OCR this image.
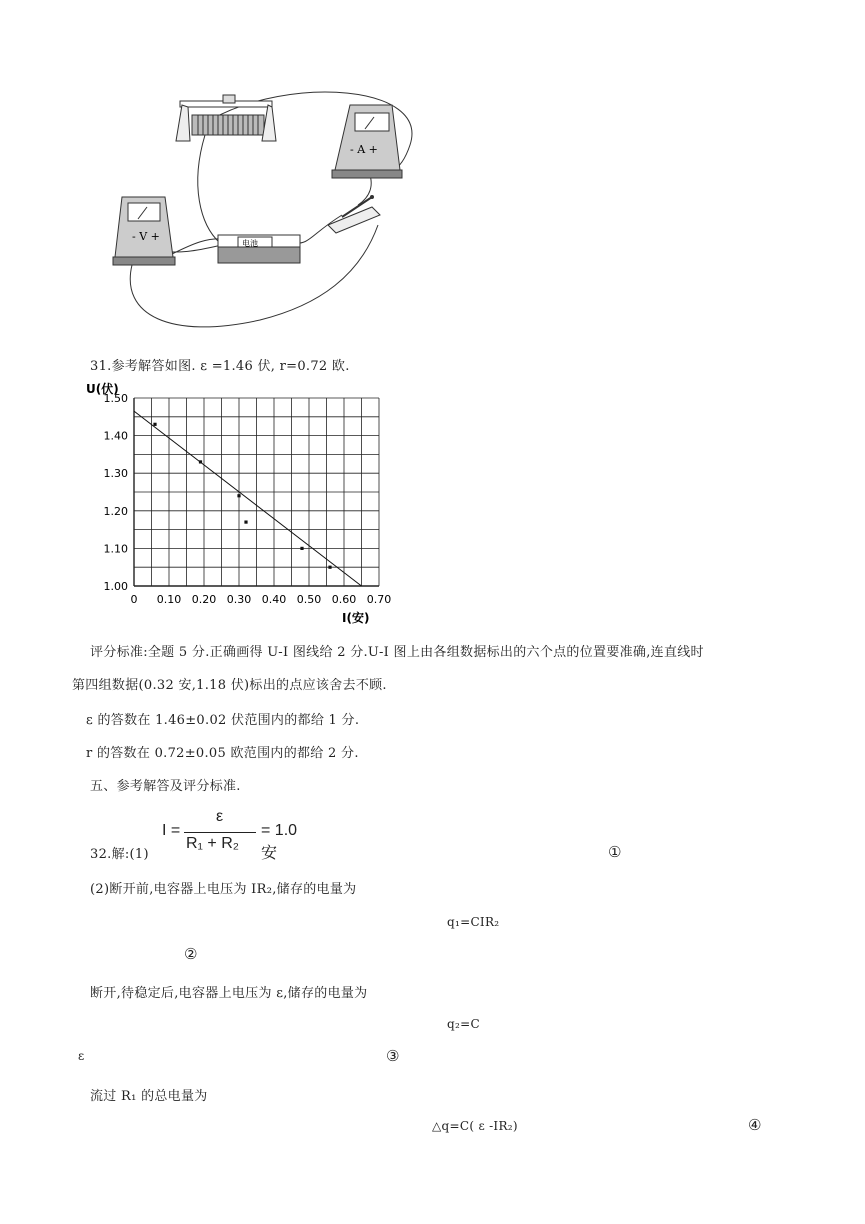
- A +
- V +
电池
31.参考解答如图. ε =1.46 伏, r=0.72 欧.
1.00
1.10
1.20
1.30
1.40
1.50
0 0.10 0.20 0.30 0.40 0.50 0.60 0.70
U(伏)
I(安)
评分标准:全题 5 分.正确画得 U-I 图线给 2 分.U-I 图上由各组数据标出的六个点的位置要准确,连直线时
第四组数据(0.32 安,1.18 伏)标出的点应该舍去不顾.
ε 的答数在 1.46±0.02 伏范围内的都给 1 分.
r 的答数在 0.72±0.05 欧范围内的都给 2 分.
五、参考解答及评分标准.
32.解:(1)
I =
ε
R₁ + R₂
= 1.0安	①
(2)断开前,电容器上电压为 IR₂,储存的电量为
q₁=CIR₂
②
断开,待稳定后,电容器上电压为 ε,储存的电量为
q₂=C
ε	③
流过 R₁ 的总电量为
△q=C( ε -IR₂)	④
